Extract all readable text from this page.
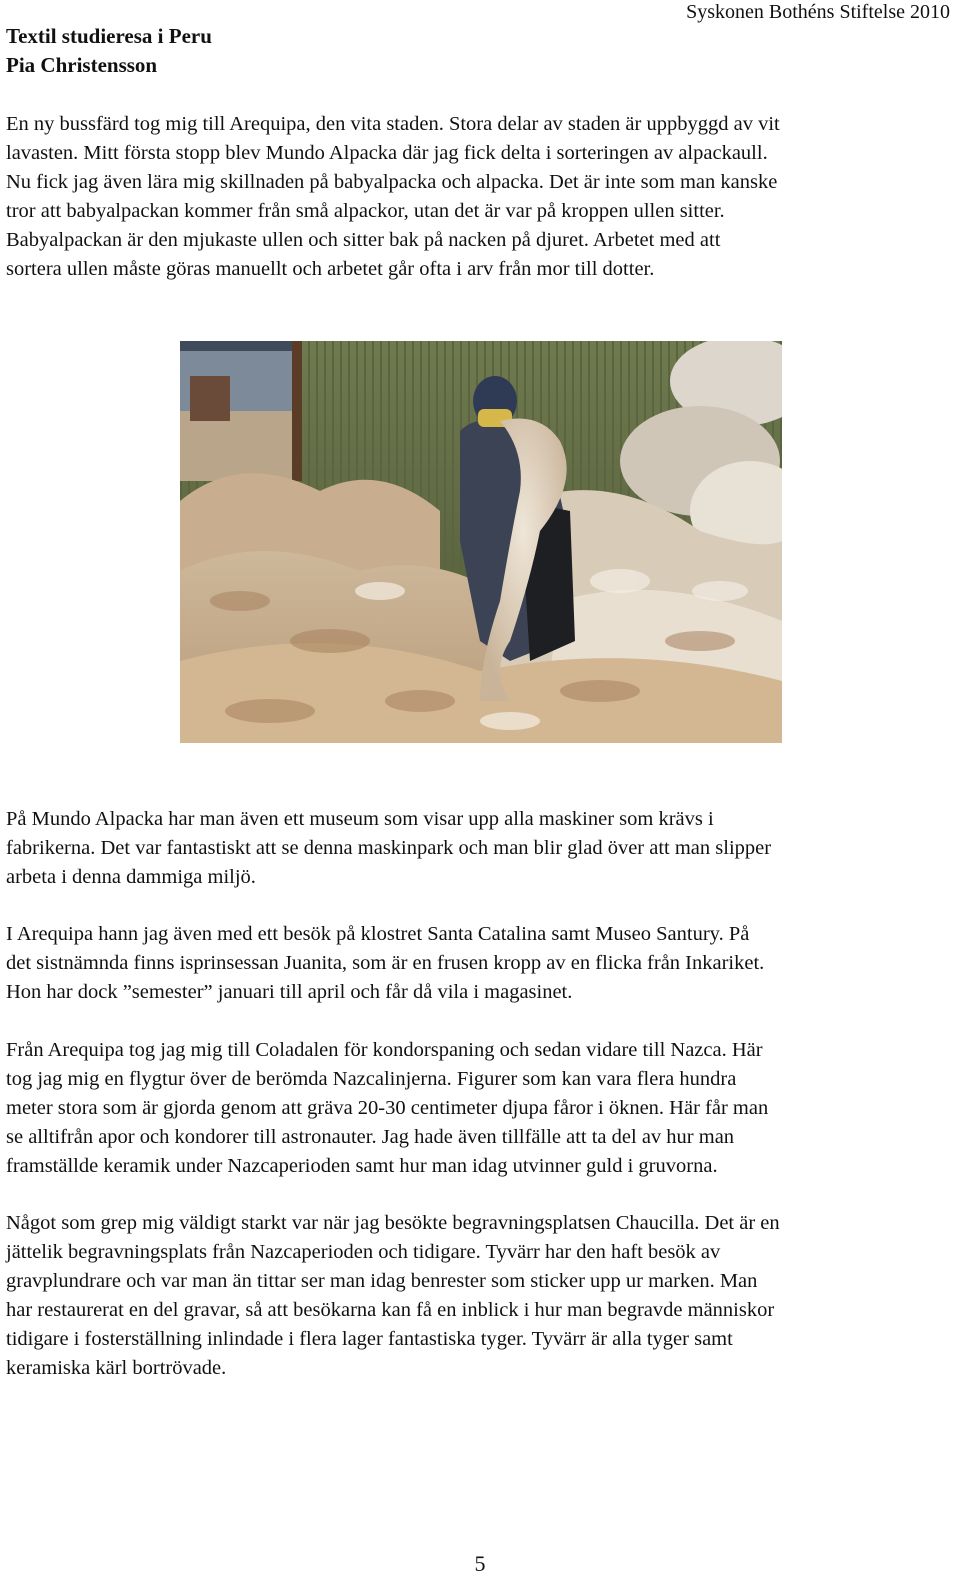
Textil studieresa i Peru
Pia Christensson
Syskonen Bothéns Stiftelse 2010
En ny bussfärd tog mig till Arequipa, den vita staden. Stora delar av staden är uppbyggd av vit
lavasten. Mitt första stopp blev Mundo Alpacka där jag fick delta i sorteringen av alpackaull.
Nu fick jag även lära mig skillnaden på babyalpacka och alpacka. Det är inte som man kanske
tror att babyalpackan kommer från små alpackor, utan det är var på kroppen ullen sitter.
Babyalpackan är den mjukaste ullen och sitter bak på nacken på djuret. Arbetet med att
sortera ullen måste göras manuellt och arbetet går ofta i arv från mor till dotter.
På Mundo Alpacka har man även ett museum som visar upp alla maskiner som krävs i
fabrikerna. Det var fantastiskt att se denna maskinpark och man blir glad över att man slipper
arbeta i denna dammiga miljö.
I Arequipa hann jag även med ett besök på klostret Santa Catalina samt Museo Santury. På
det sistnämnda finns isprinsessan Juanita, som är en frusen kropp av en flicka från Inkariket.
Hon har dock ”semester” januari till april och får då vila i magasinet.
Från Arequipa tog jag mig till Coladalen för kondorspaning och sedan vidare till Nazca. Här
tog jag mig en flygtur över de berömda Nazcalinjerna. Figurer som kan vara flera hundra
meter stora som är gjorda genom att gräva 20-30 centimeter djupa fåror i öknen. Här får man
se alltifrån apor och kondorer till astronauter. Jag hade även tillfälle att ta del av hur man
framställde keramik under Nazcaperioden samt hur man idag utvinner guld i gruvorna.
Något som grep mig väldigt starkt var när jag besökte begravningsplatsen Chaucilla. Det är en
jättelik begravningsplats från Nazcaperioden och tidigare. Tyvärr har den haft besök av
gravplundrare och var man än tittar ser man idag benrester som sticker upp ur marken. Man
har restaurerat en del gravar, så att besökarna kan få en inblick i hur man begravde människor
tidigare i fosterställning inlindade i flera lager fantastiska tyger. Tyvärr är alla tyger samt
keramiska kärl bortrövade.
5
